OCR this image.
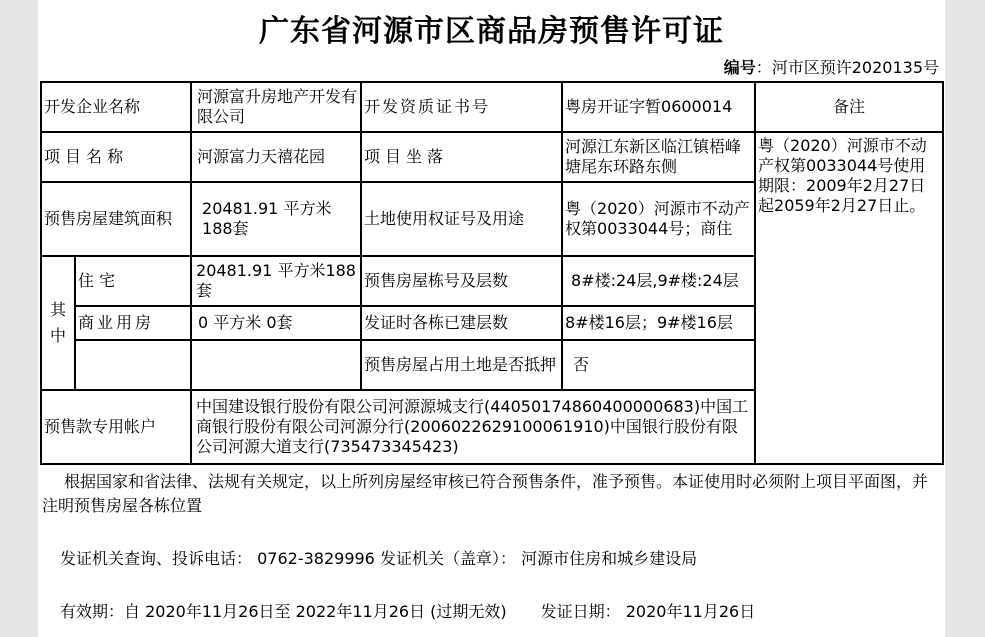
广东省河源市区商品房预售许可证
编号：河市区预许2020135号
开发企业名称		河源富升房地产开发有限公司	开发资质证书号	粤房开证字暂0600014	备注
项目名称		河源富力天禧花园	项目坐落	河源江东新区临江镇梧峰塘尾东环路东侧	粤（2020）河源市不动产权第0033044号使用期限：2009年2月27日起2059年2月27日止。
预售房屋建筑面积		20481.91 平方米188套	土地使用权证号及用途	粤（2020）河源市不动产权第0033044号；商住	
其中	住宅	20481.91 平方米188套	预售房屋栋号及层数	8#楼:24层,9#楼:24层	
	商业用房	0 平方米 0套	发证时各栋已建层数	8#楼16层；9#楼16层	
			预售房屋占用土地是否抵押	否	
预售款专用帐户		中国建设银行股份有限公司河源源城支行(44050174860400000683)中国工商银行股份有限公司河源分行(2006022629100061910)中国银行股份有限公司河源大道支行(735473345423)			
根据国家和省法律、法规有关规定，以上所列房屋经审核已符合预售条件，准予预售。本证使用时必须附上项目平面图，并注明预售房屋各栋位置
发证机关查询、投诉电话： 0762-3829996 发证机关（盖章）： 河源市住房和城乡建设局
有效期：自 2020年11月26日至 2022年11月26日 (过期无效) 发证日期： 2020年11月26日
